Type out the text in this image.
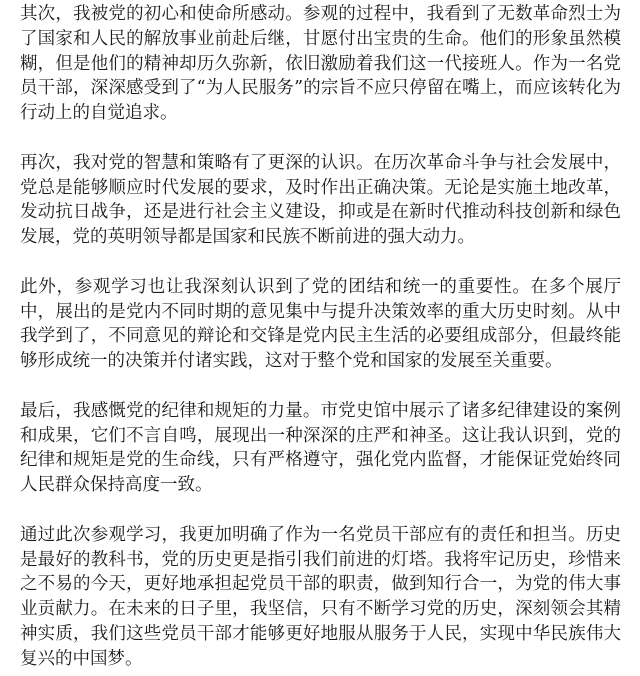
其次，我被党的初心和使命所感动。参观的过程中，我看到了无数革命烈士为了国家和人民的解放事业前赴后继，甘愿付出宝贵的生命。他们的形象虽然模糊，但是他们的精神却历久弥新，依旧激励着我们这一代接班人。作为一名党员干部，深深感受到了“为人民服务”的宗旨不应只停留在嘴上，而应该转化为行动上的自觉追求。

再次，我对党的智慧和策略有了更深的认识。在历次革命斗争与社会发展中，党总是能够顺应时代发展的要求，及时作出正确决策。无论是实施土地改革，发动抗日战争，还是进行社会主义建设，抑或是在新时代推动科技创新和绿色发展，党的英明领导都是国家和民族不断前进的强大动力。

此外，参观学习也让我深刻认识到了党的团结和统一的重要性。在多个展厅中，展出的是党内不同时期的意见集中与提升决策效率的重大历史时刻。从中我学到了，不同意见的辩论和交锋是党内民主生活的必要组成部分，但最终能够形成统一的决策并付诸实践，这对于整个党和国家的发展至关重要。

最后，我感慨党的纪律和规矩的力量。市党史馆中展示了诸多纪律建设的案例和成果，它们不言自鸣，展现出一种深深的庄严和神圣。这让我认识到，党的纪律和规矩是党的生命线，只有严格遵守，强化党内监督，才能保证党始终同人民群众保持高度一致。

通过此次参观学习，我更加明确了作为一名党员干部应有的责任和担当。历史是最好的教科书，党的历史更是指引我们前进的灯塔。我将牢记历史，珍惜来之不易的今天，更好地承担起党员干部的职责，做到知行合一，为党的伟大事业贡献力。在未来的日子里，我坚信，只有不断学习党的历史，深刻领会其精神实质，我们这些党员干部才能够更好地服从服务于人民，实现中华民族伟大复兴的中国梦。
